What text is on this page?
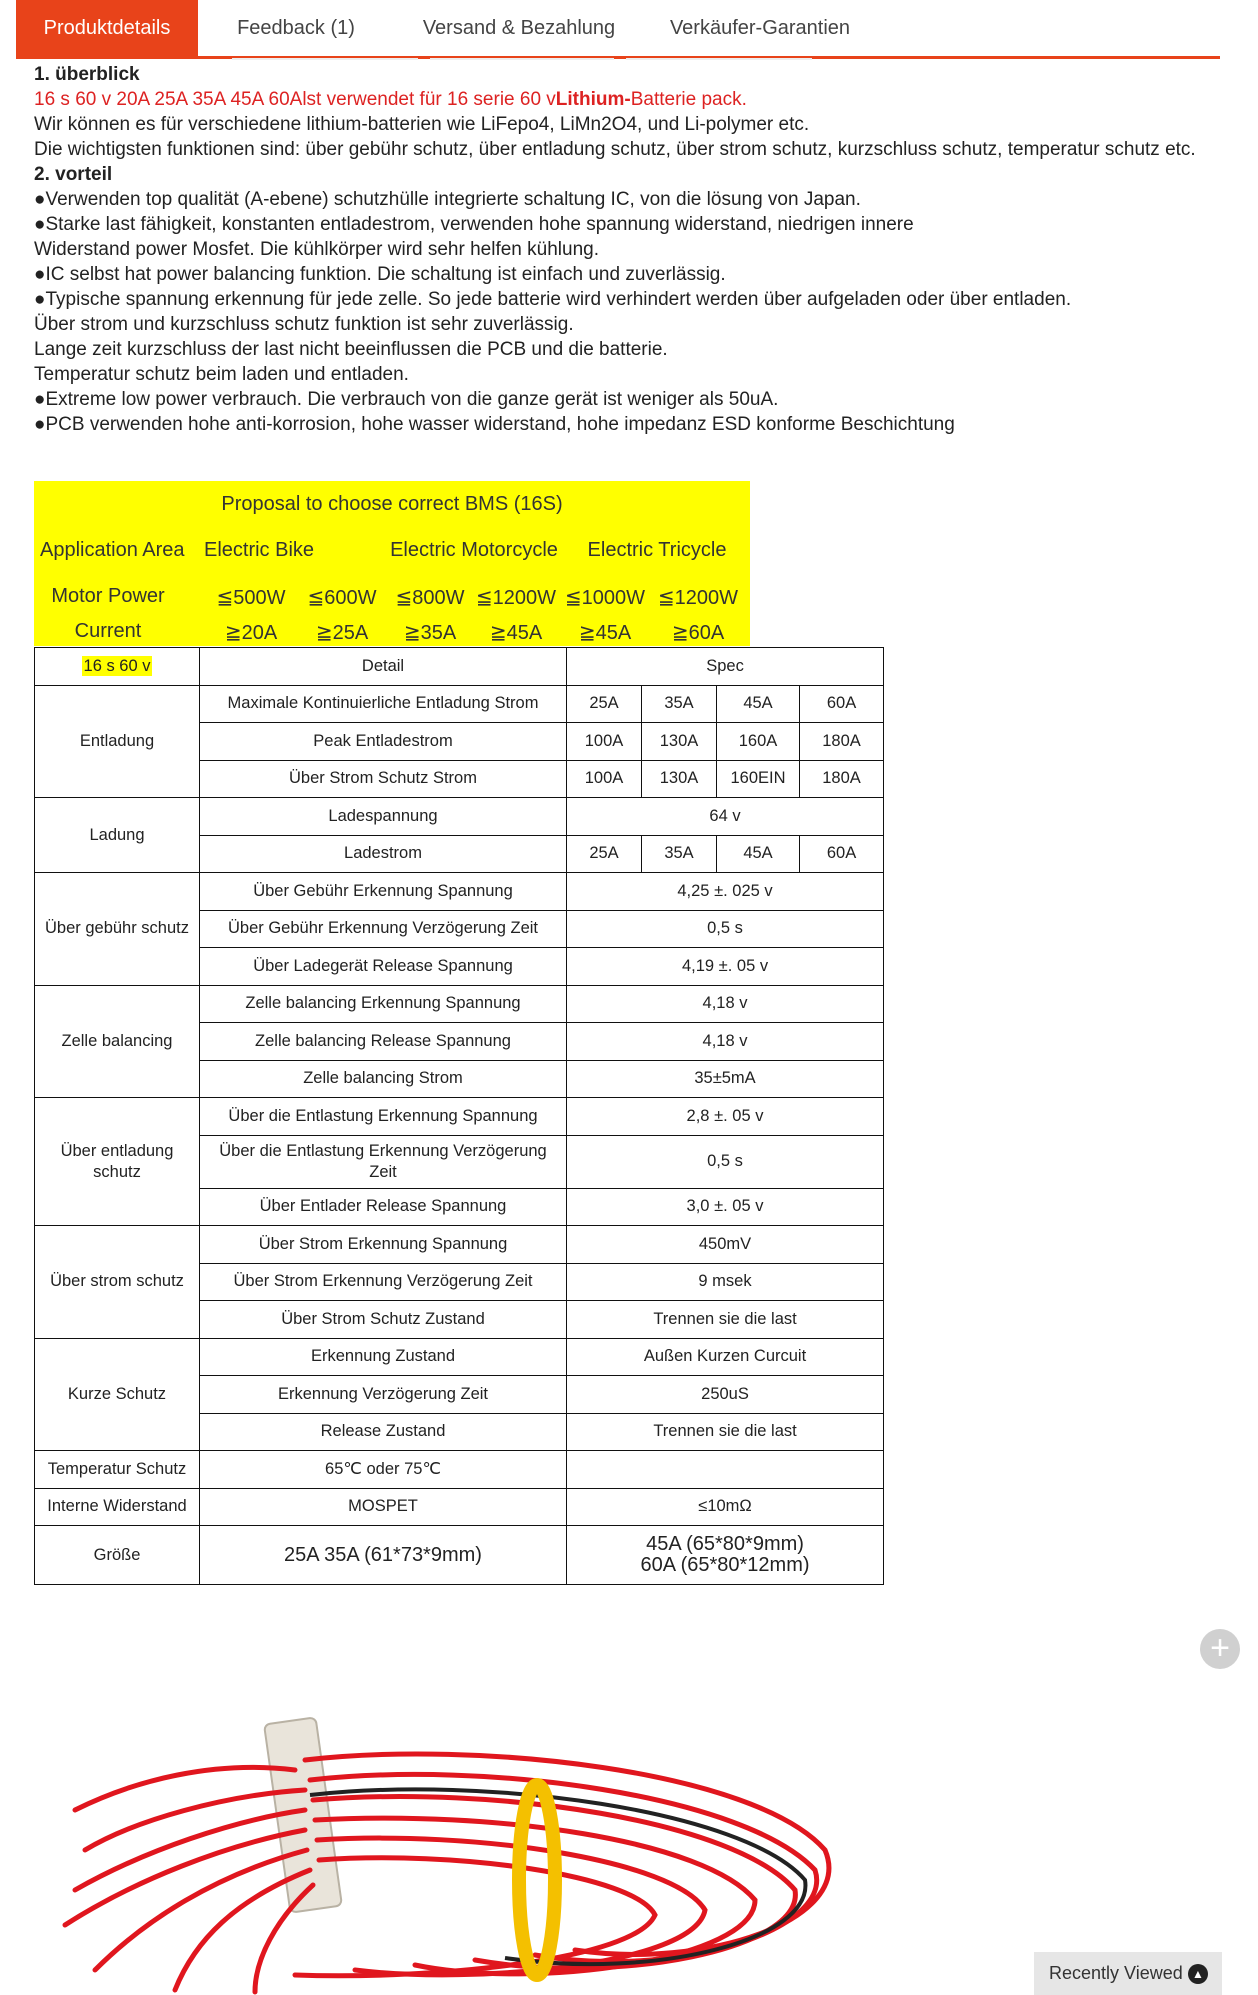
Produktdetails	Feedback (1)	Versand & Bezahlung	Verkäufer-Garantien

1. überblick

16 s 60 v 20A 25A 35A 45A 60Alst verwendet für 16 serie 60 vLithium-Batterie pack.

Wir können es für verschiedene lithium-batterien wie LiFepo4, LiMn2O4, und Li-polymer etc.

Die wichtigsten funktionen sind: über gebühr schutz, über entladung schutz, über strom schutz, kurzschluss schutz, temperatur schutz etc.

2. vorteil

●Verwenden top qualität (A-ebene) schutzhülle integrierte schaltung IC, von die lösung von Japan.

●Starke last fähigkeit, konstanten entladestrom, verwenden hohe spannung widerstand, niedrigen innere

Widerstand power Mosfet. Die kühlkörper wird sehr helfen kühlung.

●IC selbst hat power balancing funktion. Die schaltung ist einfach und zuverlässig.

●Typische spannung erkennung für jede zelle. So jede batterie wird verhindert werden über aufgeladen oder über entladen.

Über strom und kurzschluss schutz funktion ist sehr zuverlässig.

Lange zeit kurzschluss der last nicht beeinflussen die PCB und die batterie.

Temperatur schutz beim laden und entladen.

●Extreme low power verbrauch. Die verbrauch von die ganze gerät ist weniger als 50uA.

●PCB verwenden hohe anti-korrosion, hohe wasser widerstand, hohe impedanz ESD konforme Beschichtung

Proposal to choose correct BMS (16S)
Application Area Electric Bike	Electric Motorcycle	Electric Tricycle
Motor Power	≦500W	≦600W ≦800W ≦1200W ≦1000W ≦1200W
Current	≧20A	≧25A	≧35A	≧45A	≧45A	≧60A
16 s 60 v	Detail	Spec			
Entladung	Maximale Kontinuierliche Entladung Strom	25A	35A	45A	60A
	Peak Entladestrom	100A	130A	160A	180A
	Über Strom Schutz Strom	100A	130A	160EIN	180A
Ladung	Ladespannung	64 v			
	Ladestrom	25A	35A	45A	60A
Über gebühr schutz	Über Gebühr Erkennung Spannung	4,25 ±. 025 v			
	Über Gebühr Erkennung Verzögerung Zeit	0,5 s			
	Über Ladegerät Release Spannung	4,19 ±. 05 v			
Zelle balancing	Zelle balancing Erkennung Spannung	4,18 v			
	Zelle balancing Release Spannung	4,18 v			
	Zelle balancing Strom	35±5mA			
Über entladung schutz	Über die Entlastung Erkennung Spannung	2,8 ±. 05 v			
	Über die Entlastung Erkennung Verzögerung Zeit	0,5 s			
	Über Entlader Release Spannung	3,0 ±. 05 v			
Über strom schutz	Über Strom Erkennung Spannung	450mV			
	Über Strom Erkennung Verzögerung Zeit	9 msek			
	Über Strom Schutz Zustand	Trennen sie die last			
Kurze Schutz	Erkennung Zustand	Außen Kurzen Curcuit			
	Erkennung Verzögerung Zeit	250uS			
	Release Zustand	Trennen sie die last			
Temperatur Schutz	65℃ oder 75℃				
Interne Widerstand	MOSPET	≤10mΩ			
Größe	25A 35A (61*73*9mm)	45A (65*80*9mm)
60A (65*80*12mm)			
+
Recently Viewed ▲
